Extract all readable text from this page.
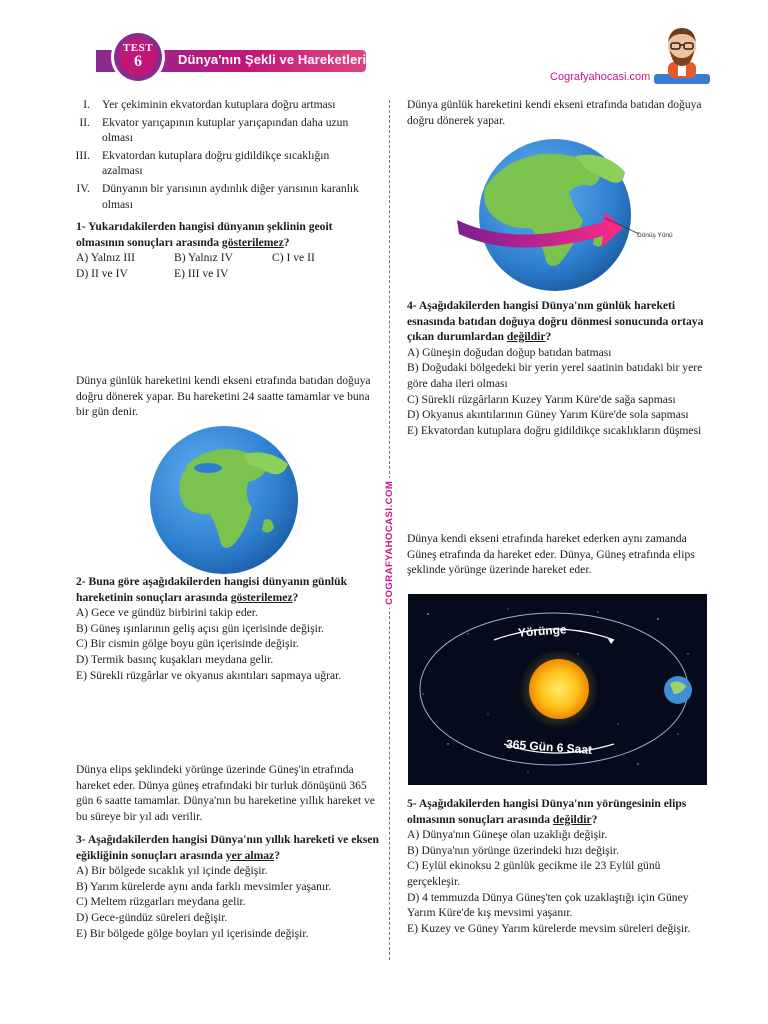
TEST
6	Dünya'nın Şekli ve Hareketleri
Cografyahocasi.com
COGRAFYAHOCASI.COM
I. Yer çekiminin ekvatordan kutuplara doğru artması
II. Ekvator yarıçapının kutuplar yarıçapından daha uzun olması
III. Ekvatordan kutuplara doğru gidildikçe sıcaklığın azalması
IV. Dünyanın bir yarısının aydınlık diğer yarısının karanlık olması

1- Yukarıdakilerden hangisi dünyanın şeklinin geoit olmasının sonuçları arasında gösterilemez?

A) Yalnız III	B) Yalnız IV	C) I ve II
D) II ve IV	E) III ve IV

Dünya günlük hareketini kendi ekseni etrafında batıdan doğuya doğru dönerek yapar. Bu hareketini 24 saatte tamamlar ve buna bir gün denir.

2- Buna göre aşağıdakilerden hangisi dünyanın günlük hareketinin sonuçları arasında gösterilemez?

A) Gece ve gündüz birbirini takip eder.

B) Güneş ışınlarının geliş açısı gün içerisinde değişir.

C) Bir cismin gölge boyu gün içerisinde değişir.

D) Termik basınç kuşakları meydana gelir.

E) Sürekli rüzgârlar ve okyanus akıntıları sapmaya uğrar.

Dünya elips şeklindeki yörünge üzerinde Güneş'in etrafında hareket eder. Dünya güneş etrafındaki bir turluk dönüşünü 365 gün 6 saatte tamamlar. Dünya'nın bu hareketine yıllık hareket ve bu süreye bir yıl adı verilir.

3- Aşağıdakilerden hangisi Dünya'nın yıllık hareketi ve eksen eğikliğinin sonuçları arasında yer almaz?

A) Bir bölgede sıcaklık yıl içinde değişir.

B) Yarım kürelerde aynı anda farklı mevsimler yaşanır.

C) Meltem rüzgarları meydana gelir.

D) Gece-gündüz süreleri değişir.

E) Bir bölgede gölge boyları yıl içerisinde değişir.

Dünya günlük hareketini kendi ekseni etrafında batıdan doğuya doğru dönerek yapar.

Dönüş Yönü

4- Aşağıdakilerden hangisi Dünya'nın günlük hareketi esnasında batıdan doğuya doğru dönmesi sonucunda ortaya çıkan durumlardan değildir?

A) Güneşin doğudan doğup batıdan batması

B) Doğudaki bölgedeki bir yerin yerel saatinin batıdaki bir yere göre daha ileri olması

C) Sürekli rüzgârların Kuzey Yarım Küre'de sağa sapması

D) Okyanus akıntılarının Güney Yarım Küre'de sola sapması

E) Ekvatordan kutuplara doğru gidildikçe sıcaklıkların düşmesi

Dünya kendi ekseni etrafında hareket ederken aynı zamanda Güneş etrafında da hareket eder. Dünya, Güneş etrafında elips şeklinde yörünge üzerinde hareket eder.

Yörünge
365 Gün 6 Saat

5- Aşağıdakilerden hangisi Dünya'nın yörüngesinin elips olmasının sonuçları arasında değildir?

A) Dünya'nın Güneşe olan uzaklığı değişir.

B) Dünya'nın yörünge üzerindeki hızı değişir.

C) Eylül ekinoksu 2 günlük gecikme ile 23 Eylül günü gerçekleşir.

D) 4 temmuzda Dünya Güneş'ten çok uzaklaştığı için Güney Yarım Küre'de kış mevsimi yaşanır.

E) Kuzey ve Güney Yarım kürelerde mevsim süreleri değişir.
